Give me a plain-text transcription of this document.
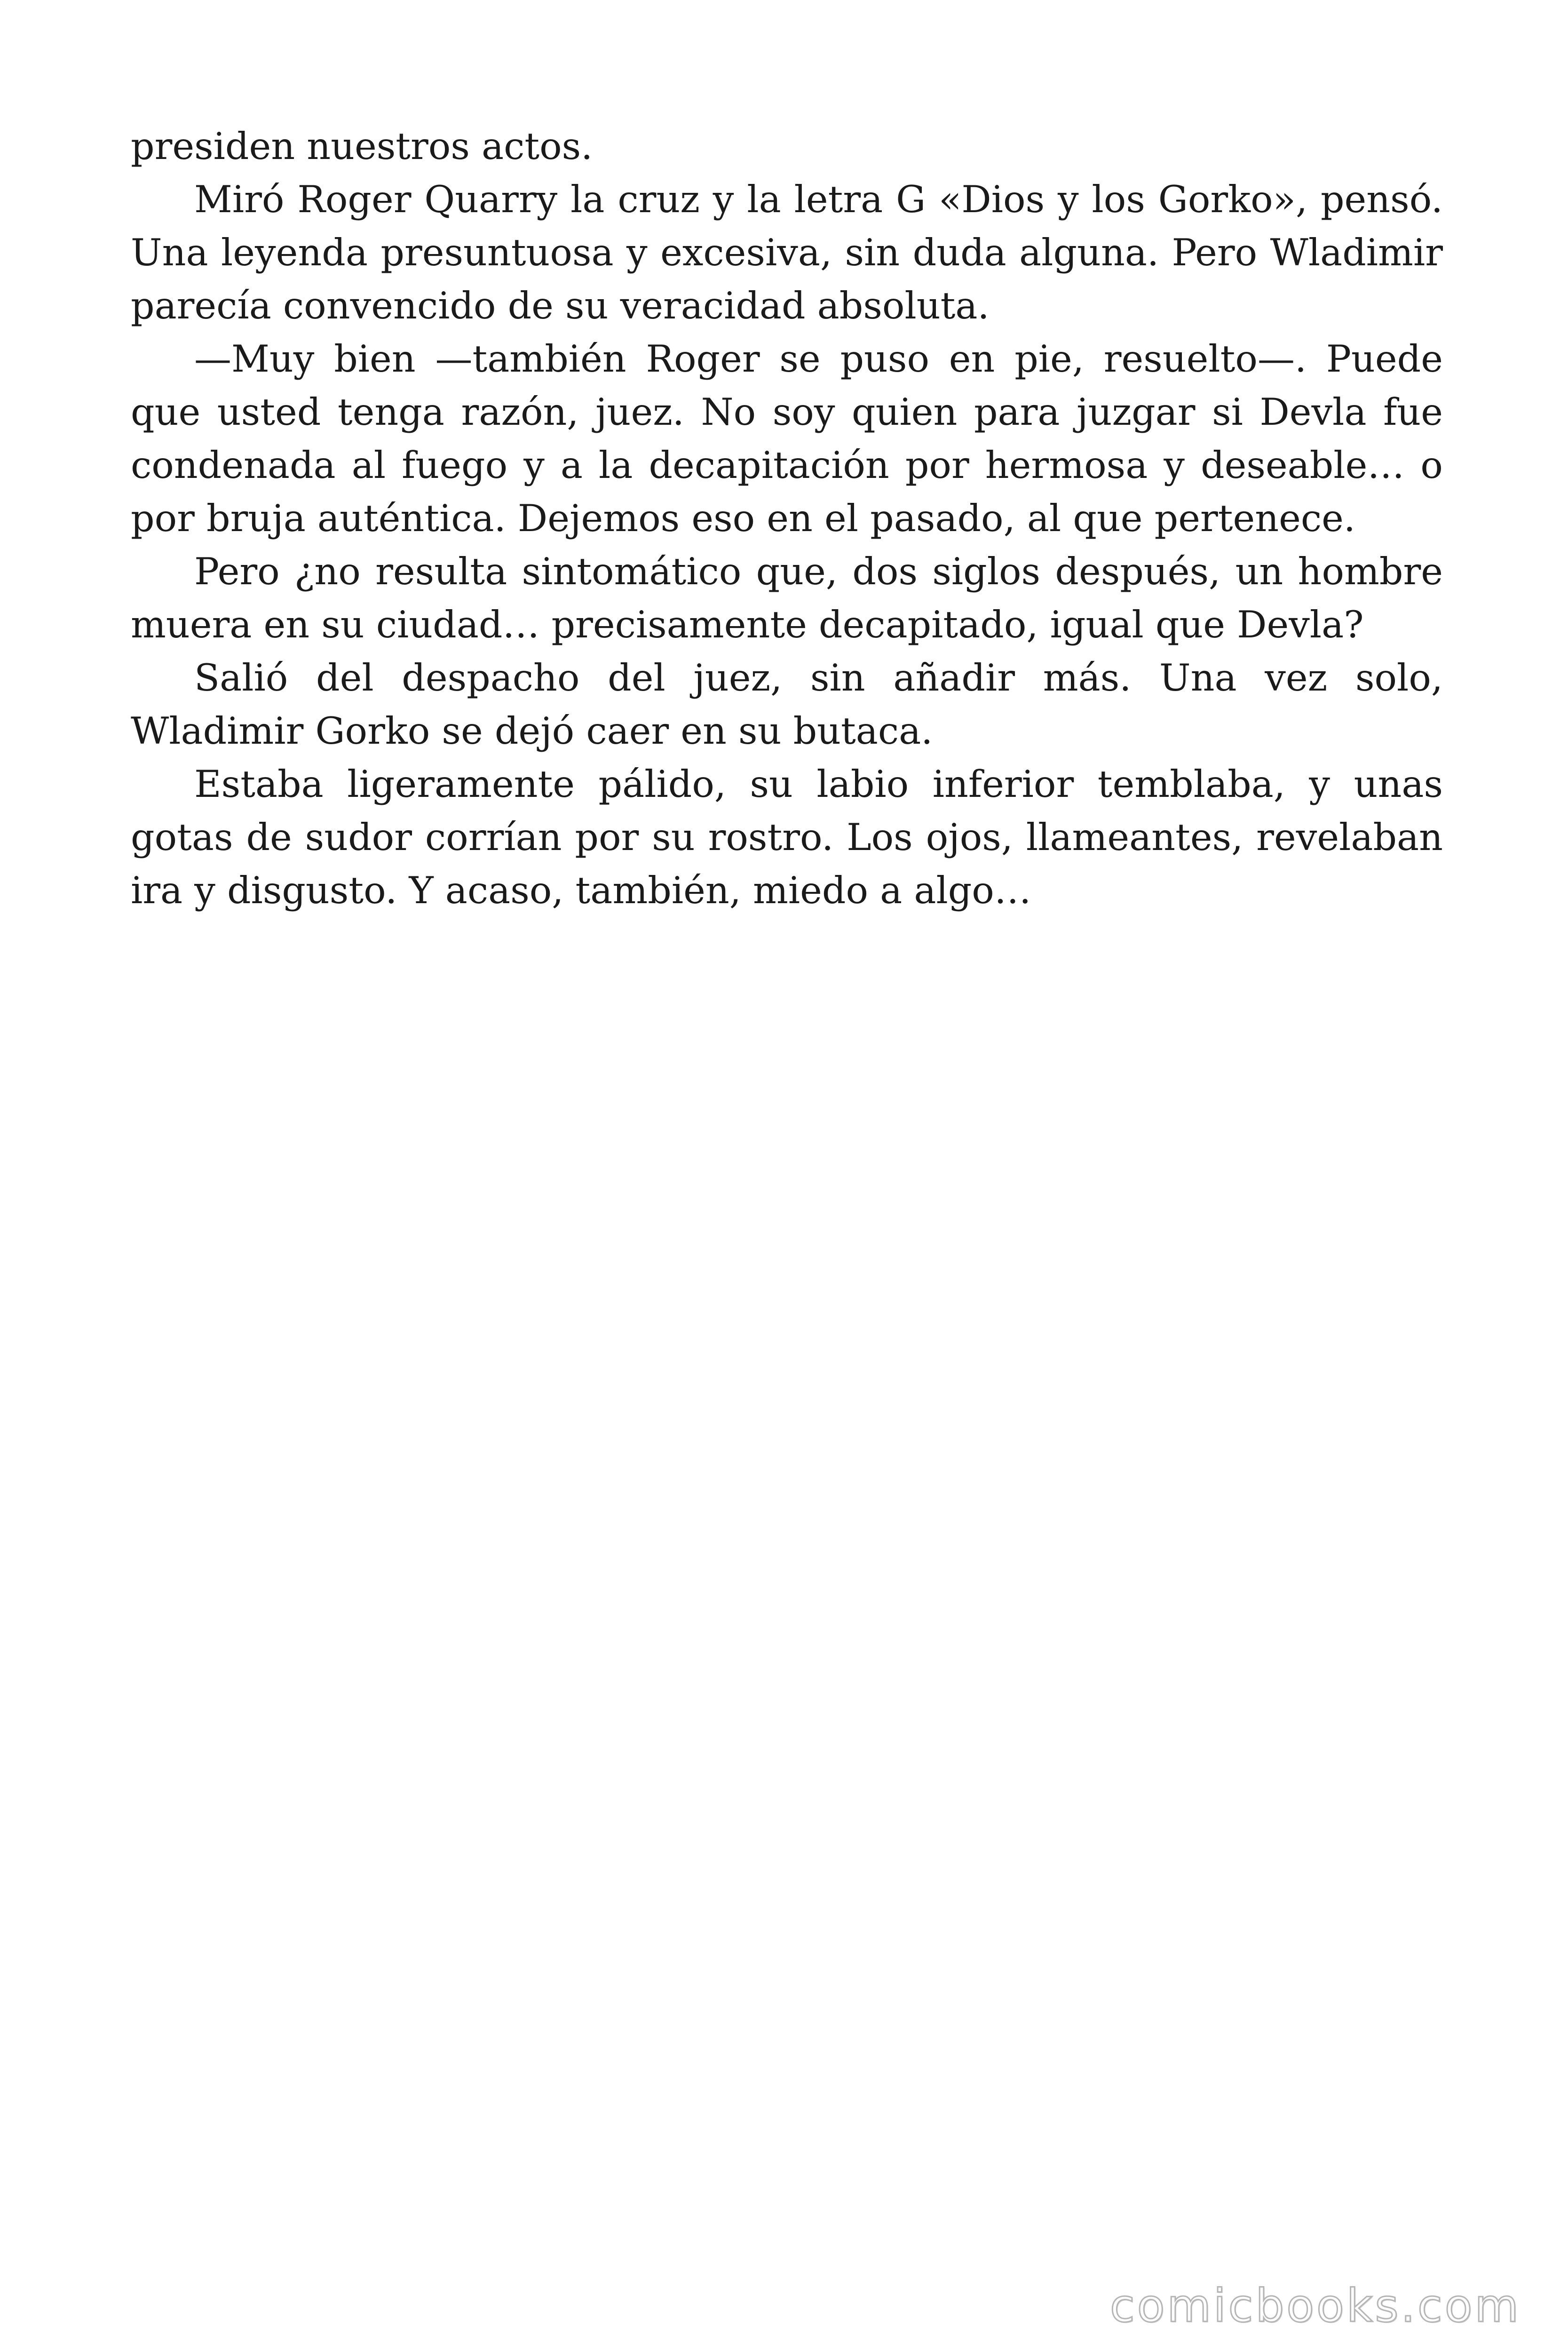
presiden nuestros actos.

Miró Roger Quarry la cruz y la letra G «Dios y los Gorko», pensó. Una leyenda presuntuosa y excesiva, sin duda alguna. Pero Wladimir parecía convencido de su veracidad absoluta.

—Muy bien —también Roger se puso en pie, resuelto—. Puede que usted tenga razón, juez. No soy quien para juzgar si Devla fue condenada al fuego y a la decapitación por hermosa y deseable… o por bruja auténtica. Dejemos eso en el pasado, al que pertenece.

Pero ¿no resulta sintomático que, dos siglos después, un hombre muera en su ciudad… precisamente decapitado, igual que Devla?

Salió del despacho del juez, sin añadir más. Una vez solo, Wladimir Gorko se dejó caer en su butaca.

Estaba ligeramente pálido, su labio inferior temblaba, y unas gotas de sudor corrían por su rostro. Los ojos, llameantes, revelaban ira y disgusto. Y acaso, también, miedo a algo…

comicbooks.com
